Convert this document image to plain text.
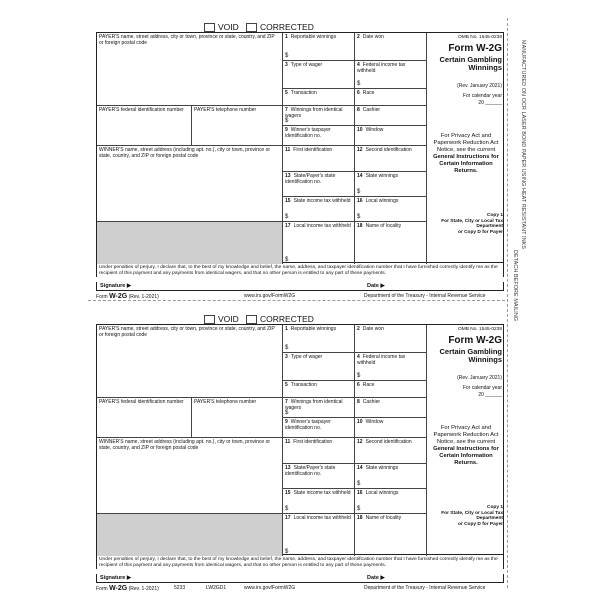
DETACH BEFORE MAILING
MANUFACTURED ON OCR LASER BOND PAPER USING HEAT RESISTANT INKS
VOID CORRECTED
PAYER'S name, street address, city or town, province or state, country, and ZIP or foreign postal code
PAYER'S federal identification number	PAYER'S telephone number
WINNER'S name, street address (including apt. no.), city or town, province or state, country, and ZIP or foreign postal code
1 Reportable winnings
$
2 Date won
3 Type of wager	4 Federal income tax withheld
$
5 Transaction	6 Race
7 Winnings from identical wagers
$
8 Cashier
9 Winner's taxpayer identification no.
10 Window
11 First identification	12 Second identification
13 State/Payer's state identification no.
14 State winnings
$
15 State income tax withheld
$
16 Local winnings
$
17 Local income tax withheld
$
18 Name of locality
OMB No. 1545-0238
Form W-2G
Certain Gambling Winnings
(Rev. January 2021)
For calendar year
20 ______
For Privacy Act and Paperwork Reduction Act Notice, see the current General Instructions for Certain Information Returns.
Copy 1
For State, City or Local Tax Department
or Copy D for Payer
Under penalties of perjury, I declare that, to the best of my knowledge and belief, the name, address, and taxpayer identification number that I have furnished correctly identify me as the recipient of this payment and any payments from identical wagers, and that no other person is entitled to any part of these payments.
Signature ▶	Date ▶
Form W-2G (Rev. 1-2021)	www.irs.gov/FormW2G	Department of the Treasury - Internal Revenue Service
VOID CORRECTED
PAYER'S name, street address, city or town, province or state, country, and ZIP or foreign postal code
PAYER'S federal identification number	PAYER'S telephone number
WINNER'S name, street address (including apt. no.), city or town, province or state, country, and ZIP or foreign postal code
1 Reportable winnings
$
2 Date won
3 Type of wager	4 Federal income tax withheld
$
5 Transaction	6 Race
7 Winnings from identical wagers
$
8 Cashier
9 Winner's taxpayer identification no.
10 Window
11 First identification	12 Second identification
13 State/Payer's state identification no.
14 State winnings
$
15 State income tax withheld
$
16 Local winnings
$
17 Local income tax withheld
$
18 Name of locality
OMB No. 1545-0238
Form W-2G
Certain Gambling Winnings
(Rev. January 2021)
For calendar year
20 ______
For Privacy Act and Paperwork Reduction Act Notice, see the current General Instructions for Certain Information Returns.
Copy 1
For State, City or Local Tax Department
or Copy D for Payer
Under penalties of perjury, I declare that, to the best of my knowledge and belief, the name, address, and taxpayer identification number that I have furnished correctly identify me as the recipient of this payment and any payments from identical wagers, and that no other person is entitled to any part of these payments.
Signature ▶	Date ▶
Form W-2G (Rev. 1-2021)	5233	LW2GD1	www.irs.gov/FormW2G	Department of the Treasury - Internal Revenue Service
